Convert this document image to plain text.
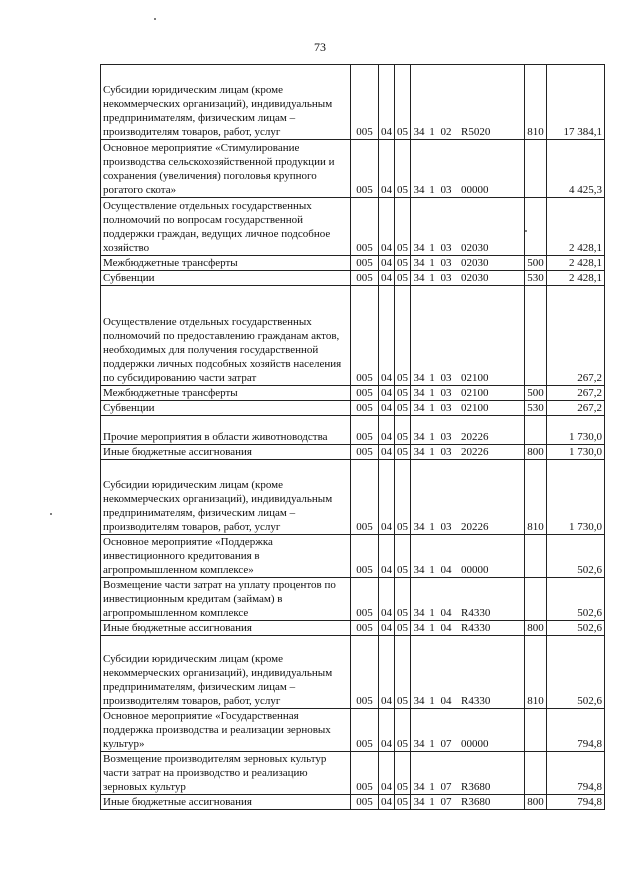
73
Субсидии юридическим лицам (кроме некоммерческих организаций), индивидуальным предпринимателям, физическим лицам – производителям товаров, работ, услуг	005	04	05	34 1 02 R5020	810	17 384,1
Основное мероприятие «Стимулирование производства сельскохозяйственной продукции и сохранения (увеличения) поголовья крупного рогатого скота»	005	04	05	34 1 03 00000		4 425,3
Осуществление отдельных государственных полномочий по вопросам государственной поддержки граждан, ведущих личное подсобное хозяйство	005	04	05	34 1 03 02030		2 428,1
Межбюджетные трансферты	005	04	05	34 1 03 02030	500	2 428,1
Субвенции	005	04	05	34 1 03 02030	530	2 428,1
Осуществление отдельных государственных полномочий по предоставлению гражданам актов, необходимых для получения государственной поддержки личных подсобных хозяйств населения по субсидированию части затрат	005	04	05	34 1 03 02100		267,2
Межбюджетные трансферты	005	04	05	34 1 03 02100	500	267,2
Субвенции	005	04	05	34 1 03 02100	530	267,2
Прочие мероприятия в области животноводства	005	04	05	34 1 03 20226		1 730,0
Иные бюджетные ассигнования	005	04	05	34 1 03 20226	800	1 730,0
Субсидии юридическим лицам (кроме некоммерческих организаций), индивидуальным предпринимателям, физическим лицам – производителям товаров, работ, услуг	005	04	05	34 1 03 20226	810	1 730,0
Основное мероприятие «Поддержка инвестиционного кредитования в агропромышленном комплексе»	005	04	05	34 1 04 00000		502,6
Возмещение части затрат на уплату процентов по инвестиционным кредитам (займам) в агропромышленном комплексе	005	04	05	34 1 04 R4330		502,6
Иные бюджетные ассигнования	005	04	05	34 1 04 R4330	800	502,6
Субсидии юридическим лицам (кроме некоммерческих организаций), индивидуальным предпринимателям, физическим лицам – производителям товаров, работ, услуг	005	04	05	34 1 04 R4330	810	502,6
Основное мероприятие «Государственная поддержка производства и реализации зерновых культур»	005	04	05	34 1 07 00000		794,8
Возмещение производителям зерновых культур части затрат на производство и реализацию зерновых культур	005	04	05	34 1 07 R3680		794,8
Иные бюджетные ассигнования	005	04	05	34 1 07 R3680	800	794,8
